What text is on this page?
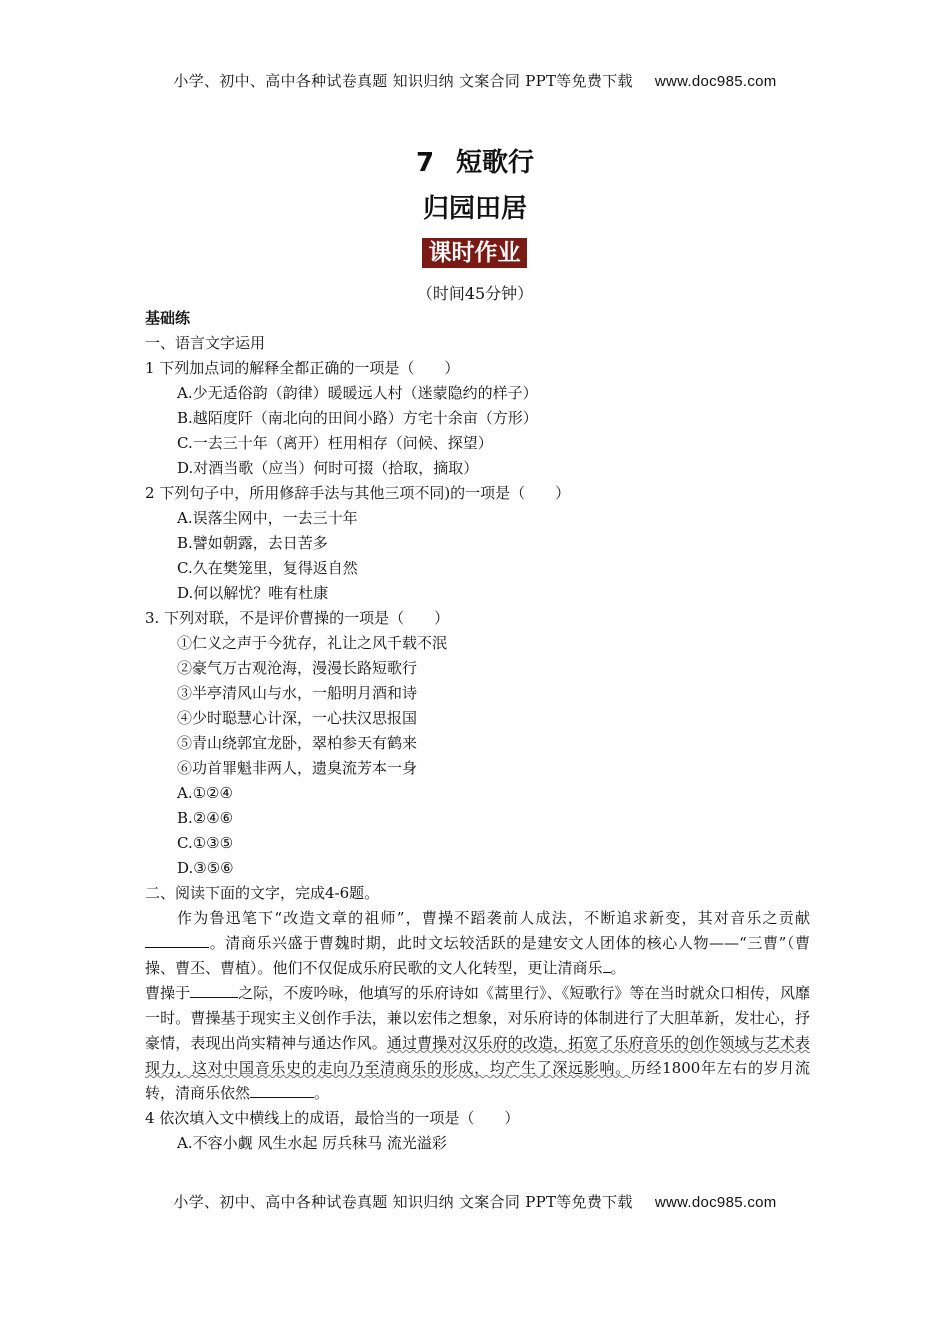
小学、初中、高中各种试卷真题 知识归纳 文案合同 PPT等免费下载 www.doc985.com
7 短歌行
归园田居
课时作业
（时间45分钟）
基础练
一、语言文字运用
1 下列加点词的解释全都正确的一项是（　　）
A.少无适俗韵（韵律）暖暖远人村（迷蒙隐约的样子）
B.越陌度阡（南北向的田间小路）方宅十余亩（方形）
C.一去三十年（离开）枉用相存（问候、探望）
D.对酒当歌（应当）何时可掇（拾取，摘取）
2 下列句子中，所用修辞手法与其他三项不同)的一项是（　　）
A.误落尘网中，一去三十年
B.譬如朝露，去日苦多
C.久在樊笼里，复得返自然
D.何以解忧？唯有杜康
3. 下列对联，不是评价曹操的一项是（　　）
①仁义之声于今犹存，礼让之风千载不泯
②豪气万古观沧海，漫漫长路短歌行
③半亭清风山与水，一船明月酒和诗
④少时聪慧心计深，一心扶汉思报国
⑤青山绕郭宜龙卧，翠柏参天有鹤来
⑥功首罪魁非两人，遗臭流芳本一身
A.①②④
B.②④⑥
C.①③⑤
D.③⑤⑥
二、阅读下面的文字，完成4-6题。
作为鲁迅笔下“改造文章的祖师”，曹操不蹈袭前人成法，不断追求新变，其对音乐之贡献。清商乐兴盛于曹魏时期，此时文坛较活跃的是建安文人团体的核心人物——“三曹”（曹操、曹丕、曹植）。他们不仅促成乐府民歌的文人化转型，更让清商乐 。
曹操于	之际，不废吟咏，他填写的乐府诗如《蒿里行》、《短歌行》等在当时就众口相传，风靡一时。曹操基于现实主义创作手法，兼以宏伟之想象，对乐府诗的体制进行了大胆革新，发壮心，抒豪情，表现出尚实精神与通达作风。通过曹操对汉乐府的改造，拓宽了乐府音乐的创作领域与艺术表现力，这对中国音乐史的走向乃至清商乐的形成，均产生了深远影响。历经1800年左右的岁月流转，清商乐依然	。
4 依次填入文中横线上的成语，最恰当的一项是（　　）
A.不容小觑 风生水起 厉兵秣马 流光溢彩
小学、初中、高中各种试卷真题 知识归纳 文案合同 PPT等免费下载 www.doc985.com
